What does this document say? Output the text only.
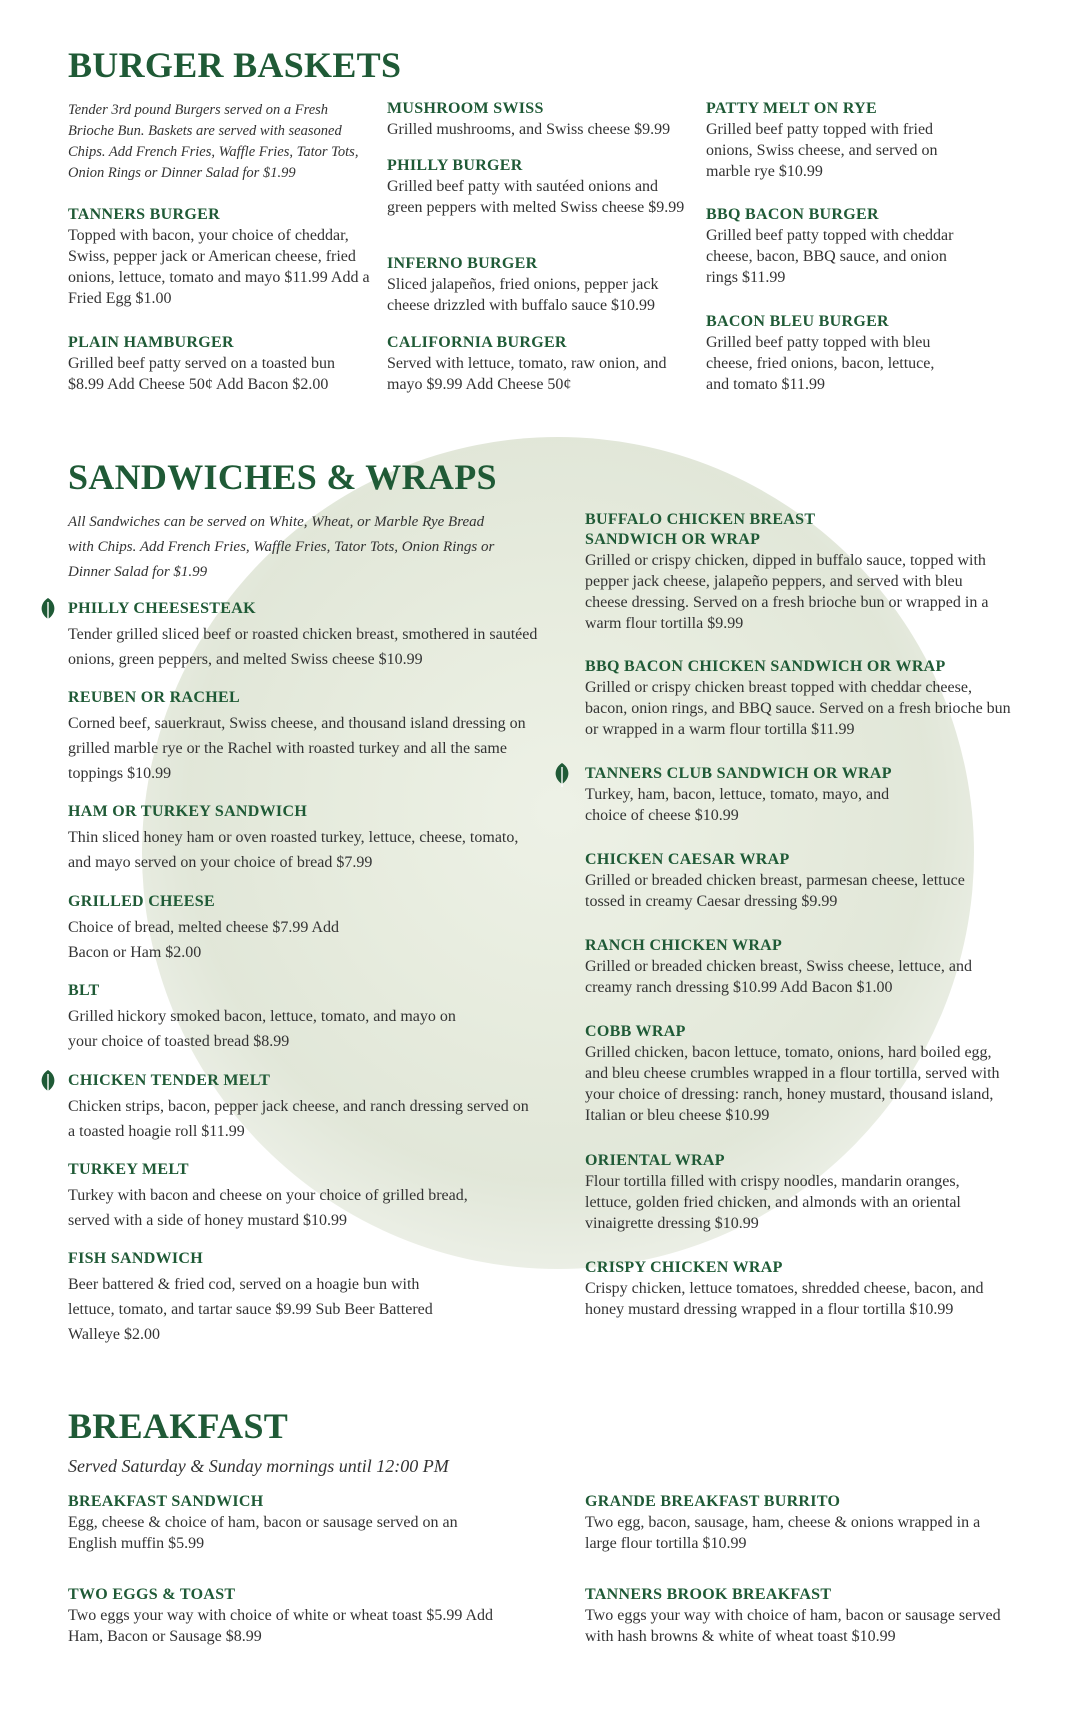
BURGER BASKETS

Tender 3rd pound Burgers served on a Fresh Brioche Bun. Baskets are served with seasoned Chips. Add French Fries, Waffle Fries, Tator Tots, Onion Rings or Dinner Salad for $1.99

TANNERS BURGER
Topped with bacon, your choice of cheddar, Swiss, pepper jack or American cheese, fried onions, lettuce, tomato and mayo $11.99 Add a Fried Egg $1.00
PLAIN HAMBURGER
Grilled beef patty served on a toasted bun $8.99 Add Cheese 50¢ Add Bacon $2.00
MUSHROOM SWISS
Grilled mushrooms, and Swiss cheese $9.99
PHILLY BURGER
Grilled beef patty with sautéed onions and green peppers with melted Swiss cheese $9.99
INFERNO BURGER
Sliced jalapeños, fried onions, pepper jack cheese drizzled with buffalo sauce $10.99
CALIFORNIA BURGER
Served with lettuce, tomato, raw onion, and mayo $9.99 Add Cheese 50¢
PATTY MELT ON RYE
Grilled beef patty topped with fried onions, Swiss cheese, and served on marble rye $10.99
BBQ BACON BURGER
Grilled beef patty topped with cheddar cheese, bacon, BBQ sauce, and onion rings $11.99
BACON BLEU BURGER
Grilled beef patty topped with bleu cheese, fried onions, bacon, lettuce, and tomato $11.99
SANDWICHES & WRAPS

All Sandwiches can be served on White, Wheat, or Marble Rye Bread with Chips. Add French Fries, Waffle Fries, Tator Tots, Onion Rings or Dinner Salad for $1.99

PHILLY CHEESESTEAK
Tender grilled sliced beef or roasted chicken breast, smothered in sautéed onions, green peppers, and melted Swiss cheese $10.99
REUBEN OR RACHEL
Corned beef, sauerkraut, Swiss cheese, and thousand island dressing on grilled marble rye or the Rachel with roasted turkey and all the same toppings $10.99
HAM OR TURKEY SANDWICH
Thin sliced honey ham or oven roasted turkey, lettuce, cheese, tomato, and mayo served on your choice of bread $7.99
GRILLED CHEESE
Choice of bread, melted cheese $7.99 Add Bacon or Ham $2.00
BLT
Grilled hickory smoked bacon, lettuce, tomato, and mayo on your choice of toasted bread $8.99
CHICKEN TENDER MELT
Chicken strips, bacon, pepper jack cheese, and ranch dressing served on a toasted hoagie roll $11.99
TURKEY MELT
Turkey with bacon and cheese on your choice of grilled bread, served with a side of honey mustard $10.99
FISH SANDWICH
Beer battered & fried cod, served on a hoagie bun with lettuce, tomato, and tartar sauce $9.99 Sub Beer Battered Walleye $2.00
BUFFALO CHICKEN BREAST SANDWICH OR WRAP
Grilled or crispy chicken, dipped in buffalo sauce, topped with pepper jack cheese, jalapeño peppers, and served with bleu cheese dressing. Served on a fresh brioche bun or wrapped in a warm flour tortilla $9.99
BBQ BACON CHICKEN SANDWICH OR WRAP
Grilled or crispy chicken breast topped with cheddar cheese, bacon, onion rings, and BBQ sauce. Served on a fresh brioche bun or wrapped in a warm flour tortilla $11.99
TANNERS CLUB SANDWICH OR WRAP
Turkey, ham, bacon, lettuce, tomato, mayo, and choice of cheese $10.99
CHICKEN CAESAR WRAP
Grilled or breaded chicken breast, parmesan cheese, lettuce tossed in creamy Caesar dressing $9.99
RANCH CHICKEN WRAP
Grilled or breaded chicken breast, Swiss cheese, lettuce, and creamy ranch dressing $10.99 Add Bacon $1.00
COBB WRAP
Grilled chicken, bacon lettuce, tomato, onions, hard boiled egg, and bleu cheese crumbles wrapped in a flour tortilla, served with your choice of dressing: ranch, honey mustard, thousand island, Italian or bleu cheese $10.99
ORIENTAL WRAP
Flour tortilla filled with crispy noodles, mandarin oranges, lettuce, golden fried chicken, and almonds with an oriental vinaigrette dressing $10.99
CRISPY CHICKEN WRAP
Crispy chicken, lettuce tomatoes, shredded cheese, bacon, and honey mustard dressing wrapped in a flour tortilla $10.99
BREAKFAST

Served Saturday & Sunday mornings until 12:00 PM

BREAKFAST SANDWICH
Egg, cheese & choice of ham, bacon or sausage served on an English muffin $5.99
TWO EGGS & TOAST
Two eggs your way with choice of white or wheat toast $5.99 Add Ham, Bacon or Sausage $8.99
GRANDE BREAKFAST BURRITO
Two egg, bacon, sausage, ham, cheese & onions wrapped in a large flour tortilla $10.99
TANNERS BROOK BREAKFAST
Two eggs your way with choice of ham, bacon or sausage served with hash browns & white of wheat toast $10.99
